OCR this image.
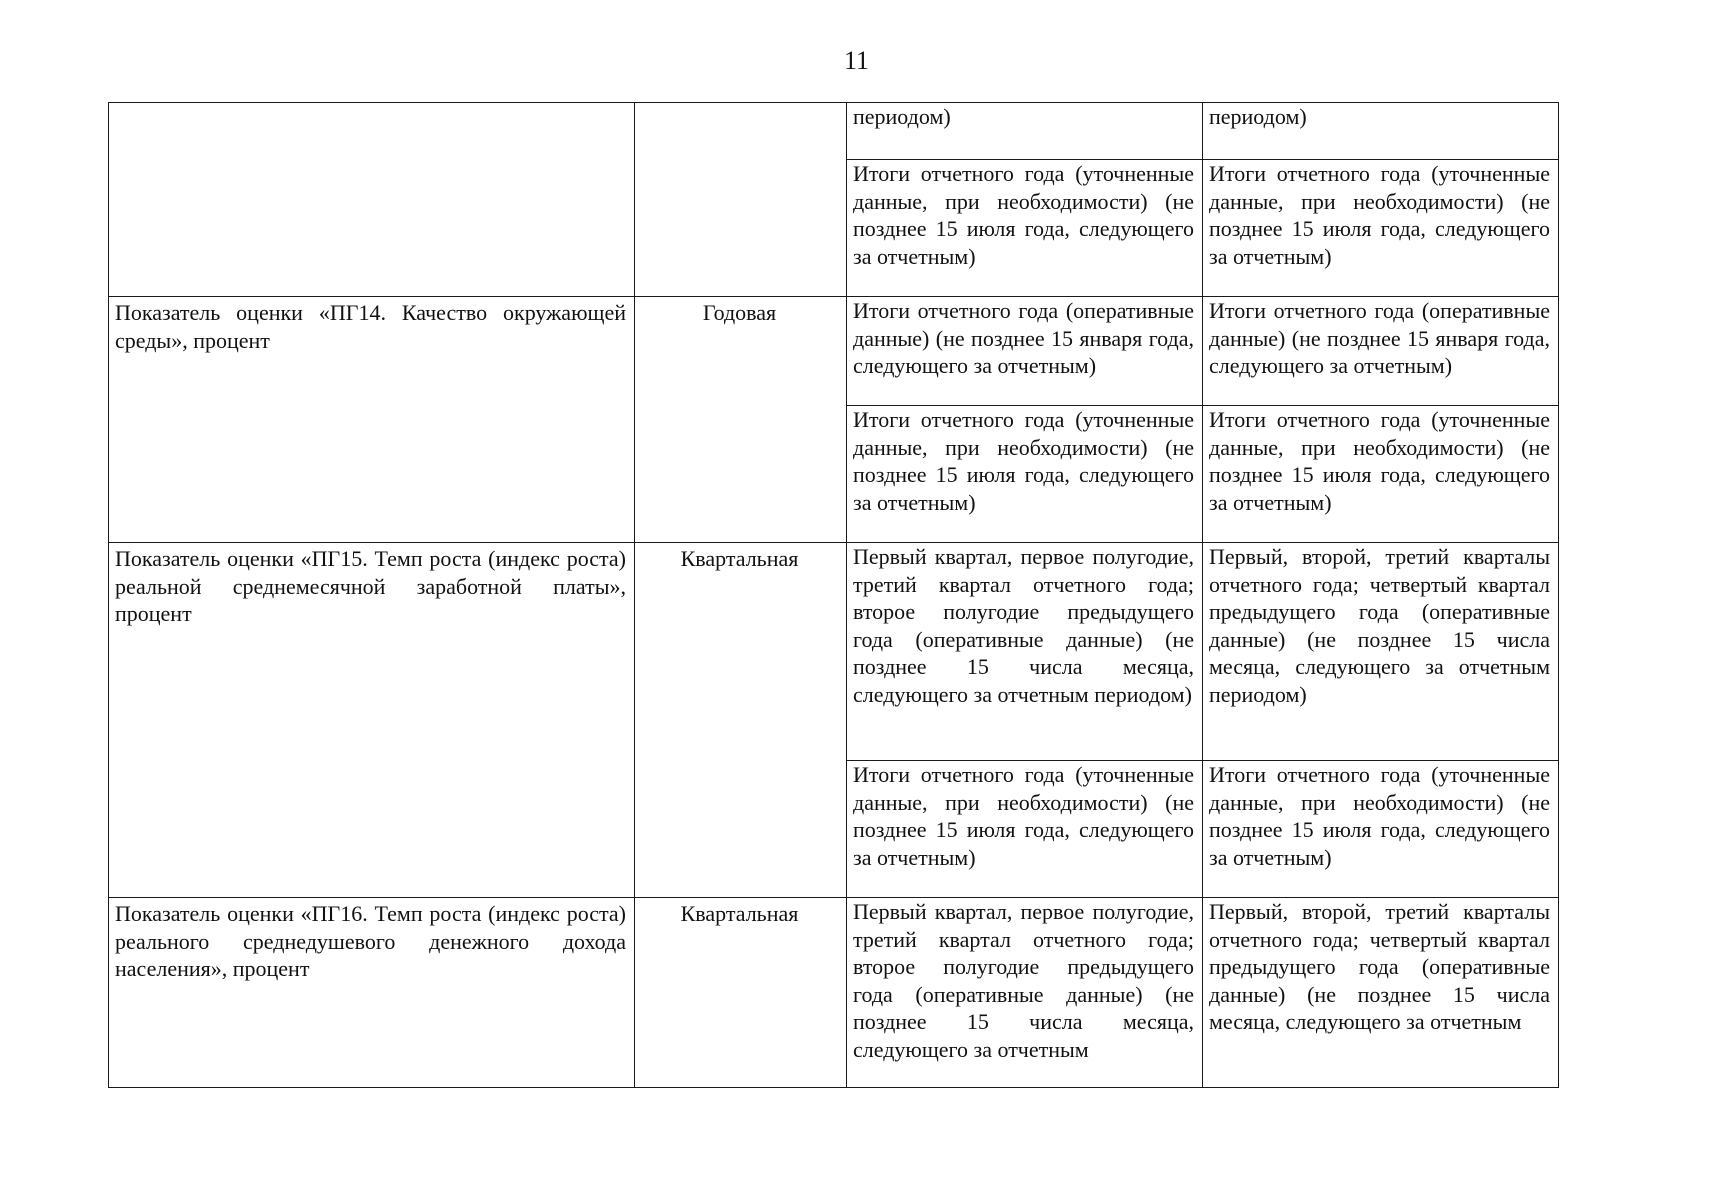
11

		периодом)	периодом)

		Итоги отчетного года (уточненные данные, при необходимости) (не позднее 15 июля года, следующего за отчетным)	Итоги отчетного года (уточненные данные, при необходимости) (не позднее 15 июля года, следующего за отчетным)

Показатель оценки «ПГ14. Качество окружающей среды», процент	Годовая	Итоги отчетного года (оперативные данные) (не позднее 15 января года, следующего за отчетным)	Итоги отчетного года (оперативные данные) (не позднее 15 января года, следующего за отчетным)

		Итоги отчетного года (уточненные данные, при необходимости) (не позднее 15 июля года, следующего за отчетным)	Итоги отчетного года (уточненные данные, при необходимости) (не позднее 15 июля года, следующего за отчетным)

Показатель оценки «ПГ15. Темп роста (индекс роста) реальной среднемесячной заработной платы», процент	Квартальная	Первый квартал, первое полугодие, третий квартал отчетного года; второе полугодие предыдущего года (оперативные данные) (не позднее 15 числа месяца, следующего за отчетным периодом)	Первый, второй, третий кварталы отчетного года; четвертый квартал предыдущего года (оперативные данные) (не позднее 15 числа месяца, следующего за отчетным периодом)

		Итоги отчетного года (уточненные данные, при необходимости) (не позднее 15 июля года, следующего за отчетным)	Итоги отчетного года (уточненные данные, при необходимости) (не позднее 15 июля года, следующего за отчетным)

Показатель оценки «ПГ16. Темп роста (индекс роста) реального среднедушевого денежного дохода населения», процент	Квартальная	Первый квартал, первое полугодие, третий квартал отчетного года; второе полугодие предыдущего года (оперативные данные) (не позднее 15 числа месяца, следующего за отчетным	Первый, второй, третий кварталы отчетного года; четвертый квартал предыдущего года (оперативные данные) (не позднее 15 числа месяца, следующего за отчетным
